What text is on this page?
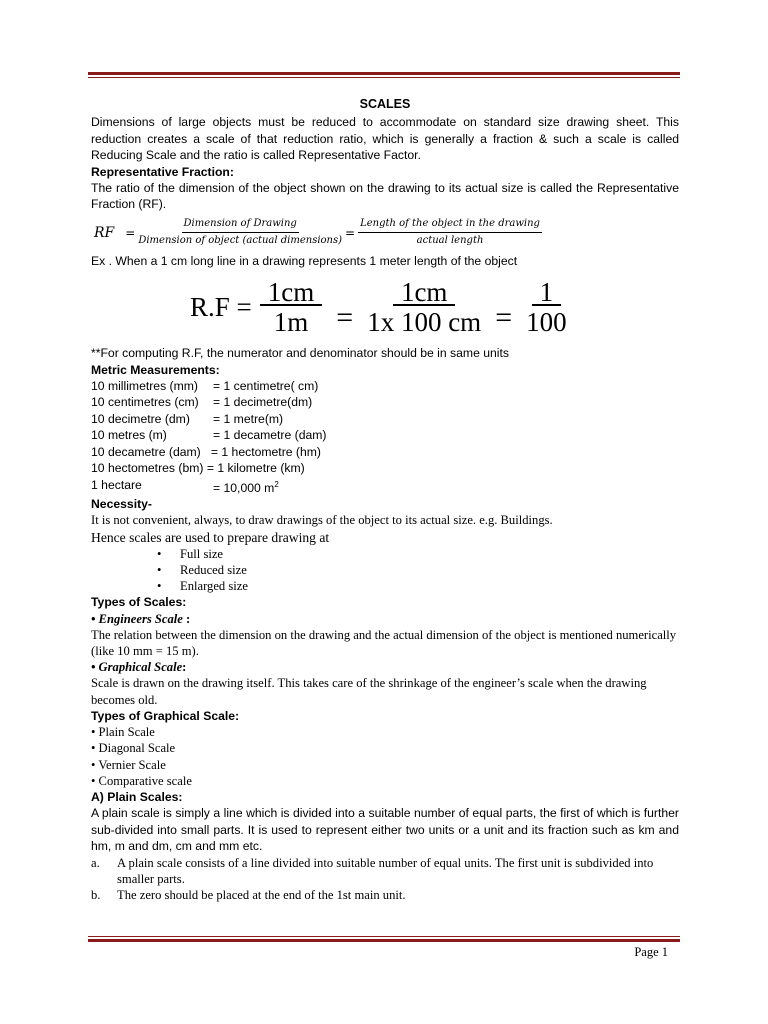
SCALES
Dimensions of large objects must be reduced to accommodate on standard size drawing sheet. This reduction creates a scale of that reduction ratio, which is generally a fraction & such a scale is called Reducing Scale and the ratio is called Representative Factor.
Representative Fraction:
The ratio of the dimension of the object shown on the drawing to its actual size is called the Representative Fraction (RF).
RF = $\frac{\text{Dimension of Drawing}}{\text{Dimension of object (actual dimensions)}} = \frac{\text{Length of the object in the drawing}}{\text{actual length}}$
Ex . When a 1 cm long line in a drawing represents 1 meter length of the object
$R.F = \frac{1cm}{1m} = \frac{1cm}{1x 100 cm} = \frac{1}{100}$
**For computing R.F, the numerator and denominator should be in same units
Metric Measurements:
10 millimetres (mm)	= 1 centimetre( cm)
10 centimetres (cm)	= 1 decimetre(dm)
10 decimetre (dm)	= 1 metre(m)
10 metres (m)	= 1 decametre (dam)
10 decametre (dam)   = 1 hectometre (hm)
10 hectometres (bm) = 1 kilometre (km)
1 hectare	= 10,000 $m^2$
Necessity-
It is not convenient, always, to draw drawings of the object to its actual size. e.g. Buildings.
Hence scales are used to prepare drawing at
• Full size
• Reduced size
• Enlarged size
Types of Scales:
• Engineers Scale :
The relation between the dimension on the drawing and the actual dimension of the object is mentioned numerically (like 10 mm = 15 m).
• Graphical Scale:
Scale is drawn on the drawing itself. This takes care of the shrinkage of the engineer’s scale when the drawing becomes old.
Types of Graphical Scale:
• Plain Scale
• Diagonal Scale
• Vernier Scale
• Comparative scale
A) Plain Scales:
A plain scale is simply a line which is divided into a suitable number of equal parts, the first of which is further sub-divided into small parts. It is used to represent either two units or a unit and its fraction such as km and hm, m and dm, cm and mm etc.
a.	A plain scale consists of a line divided into suitable number of equal units. The first unit is subdivided into smaller parts.
b.	The zero should be placed at the end of the 1st main unit.
Page 1
